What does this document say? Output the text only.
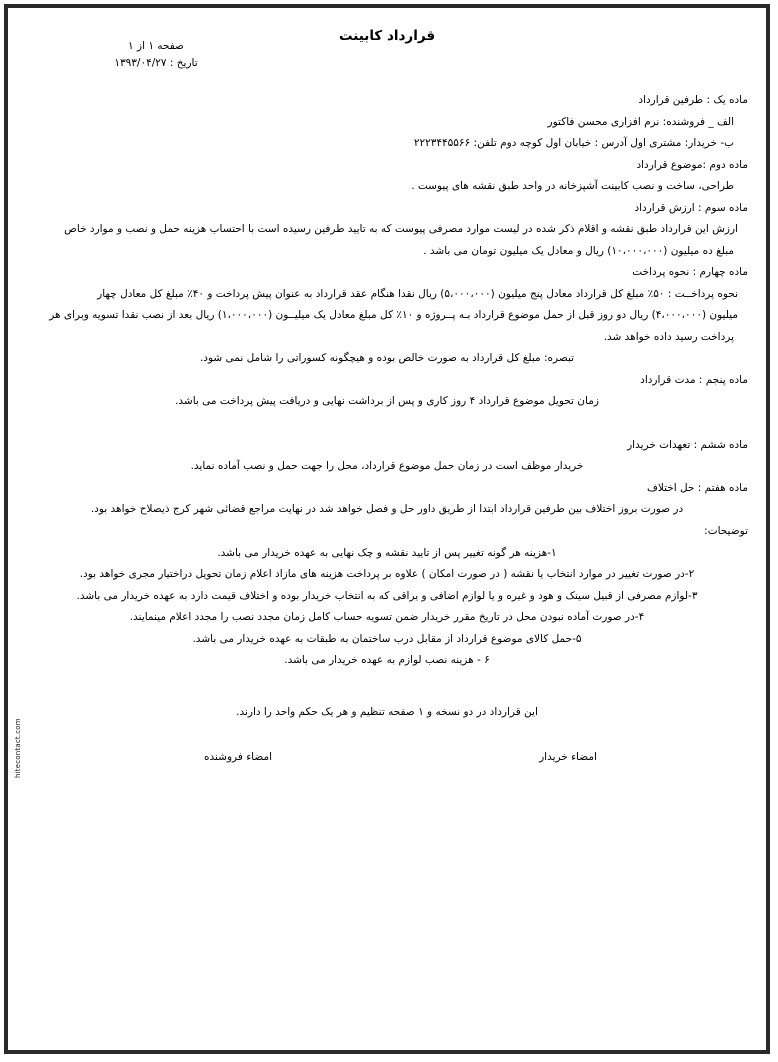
قرارداد کابینت
صفحه ۱ از ۱
تاریخ : ۱۳۹۳/۰۴/۲۷

ماده یک : طرفین قرارداد

الف _ فروشنده: نرم افزاری محسن فاکتور

ب- خریدار: مشتری اول آدرس : خیابان اول کوچه دوم تلفن: ۲۲۲۳۴۴۵۵۶۶

ماده دوم :موضوع قرارداد

طراحی، ساخت و نصب کابینت آشپزخانه در واحد طبق نقشه های پیوست .

ماده سوم : ارزش قرارداد

ارزش این قرارداد طبق نقشه و اقلام ذکر شده در لیست موارد مصرفی پیوست که به تایید طرفین رسیده است با احتساب هزینه حمل و نصب و موارد خاص

مبلغ ده میلیون (۱۰،۰۰۰،۰۰۰) ریال و معادل یک میلیون تومان می باشد .

ماده چهارم : نحوه پرداخت

نحوه پرداخــت : ۵۰٪ مبلغ کل قرارداد معادل پنج میلیون (۵،۰۰۰،۰۰۰) ریال نقدا هنگام عقد قرارداد به عنوان پیش پرداخت و ۴۰٪ مبلغ کل معادل چهار

میلیون (۴،۰۰۰،۰۰۰) ریال دو روز قبل از حمل موضوع قرارداد بـه پــروژه و ۱۰٪ کل مبلغ معادل یک میلیــون (۱،۰۰۰،۰۰۰) ریال بعد از نصب نقدا تسویه وبرای هر

پرداخت رسید داده خواهد شد.

تبصره: مبلغ کل قرارداد به صورت خالص بوده و هیچگونه کسوراتی را شامل نمی شود.

ماده پنجم : مدت قرارداد

زمان تحویل موضوع قرارداد ۴ روز کاری و پس از برداشت نهایی و دریافت پیش پرداخت می باشد.

ماده ششم : تعهدات خریدار

خریدار موظف است در زمان حمل موضوع قرارداد، محل را جهت حمل و نصب آماده نماید.

ماده هفتم : حل اختلاف

در صورت بروز اختلاف بین طرفین قرارداد ابتدا از طریق داور حل و فصل خواهد شد در نهایت مراجع قضائی شهر کرج ذیصلاح خواهد بود.

توضیحات:

۱-هزینه هر گونه تغییر پس از تایید نقشه و چک نهایی به عهده خریدار می باشد.
۲-در صورت تغییر در موارد انتخاب یا نقشه ( در صورت امکان ) علاوه بر پرداخت هزینه های مازاد اعلام زمان تحویل دراختیار مجری خواهد بود.
۳-لوازم مصرفی از قبیل سینک و هود و غیره و یا لوازم اضافی و یراقی که به انتخاب خریدار بوده و اختلاف قیمت دارد به عهده خریدار می باشد.
۴-در صورت آماده نبودن محل در تاریخ مقرر خریدار ضمن تسویه حساب کامل زمان مجدد نصب را مجدد اعلام مینمایند.
۵-حمل کالای موضوع قرارداد از مقابل درب ساختمان به طبقات به عهده خریدار می باشد.
۶ - هزینه نصب لوازم به عهده خریدار می باشد.

این قرارداد در دو نسخه و ۱ صفحه تنظیم و هر یک حکم واحد را دارند.

امضاء خریدار
امضاء فروشنده
hitecontact.com
